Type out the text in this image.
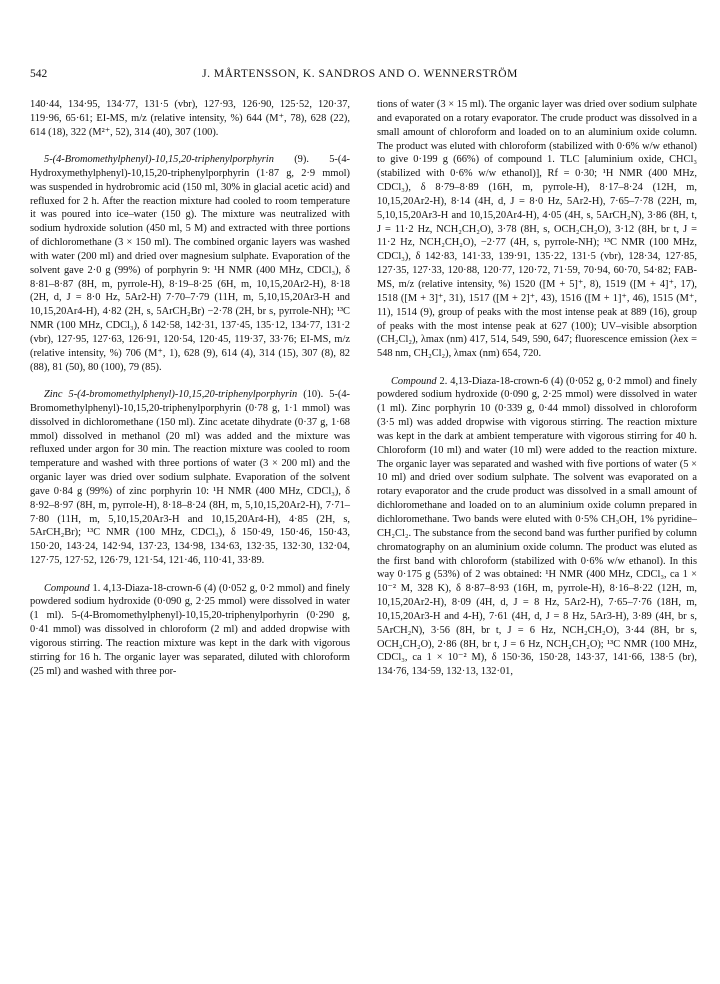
542	J. MÅRTENSSON, K. SANDROS AND O. WENNERSTRÖM

140·44, 134·95, 134·77, 131·5 (vbr), 127·93, 126·90, 125·52, 120·37, 119·96, 65·61; EI-MS, m/z (relative intensity, %) 644 (M⁺, 78), 628 (22), 614 (18), 322 (M²⁺, 52), 314 (40), 307 (100).

5-(4-Bromomethylphenyl)-10,15,20-triphenylporphyrin (9). 5-(4-Hydroxymethylphenyl)-10,15,20-triphenylporphyrin (1·87 g, 2·9 mmol) was suspended in hydrobromic acid (150 ml, 30% in glacial acetic acid) and refluxed for 2 h. After the reaction mixture had cooled to room temperature it was poured into ice–water (150 g). The mixture was neutralized with sodium hydroxide solution (450 ml, 5 M) and extracted with three portions of dichloromethane (3 × 150 ml). The combined organic layers was washed with water (200 ml) and dried over magnesium sulphate. Evaporation of the solvent gave 2·0 g (99%) of porphyrin 9: ¹H NMR (400 MHz, CDCl₃), δ 8·81–8·87 (8H, m, pyrrole-H), 8·19–8·25 (6H, m, 10,15,20Ar2-H), 8·18 (2H, d, J = 8·0 Hz, 5Ar2-H) 7·70–7·79 (11H, m, 5,10,15,20Ar3-H and 10,15,20Ar4-H), 4·82 (2H, s, 5ArCH₂Br) −2·78 (2H, br s, pyrrole-NH); ¹³C NMR (100 MHz, CDCl₃), δ 142·58, 142·31, 137·45, 135·12, 134·77, 131·2 (vbr), 127·95, 127·63, 126·91, 120·54, 120·45, 119·37, 33·76; EI-MS, m/z (relative intensity, %) 706 (M⁺, 1), 628 (9), 614 (4), 314 (15), 307 (8), 82 (88), 81 (50), 80 (100), 79 (85).

Zinc 5-(4-bromomethylphenyl)-10,15,20-triphenylporphyrin (10). 5-(4-Bromomethylphenyl)-10,15,20-triphenylporphyrin (0·78 g, 1·1 mmol) was dissolved in dichloromethane (150 ml). Zinc acetate dihydrate (0·37 g, 1·68 mmol) dissolved in methanol (20 ml) was added and the mixture was refluxed under argon for 30 min. The reaction mixture was cooled to room temperature and washed with three portions of water (3 × 200 ml) and the organic layer was dried over sodium sulphate. Evaporation of the solvent gave 0·84 g (99%) of zinc porphyrin 10: ¹H NMR (400 MHz, CDCl₃), δ 8·92–8·97 (8H, m, pyrrole-H), 8·18–8·24 (8H, m, 5,10,15,20Ar2-H), 7·71–7·80 (11H, m, 5,10,15,20Ar3-H and 10,15,20Ar4-H), 4·85 (2H, s, 5ArCH₂Br); ¹³C NMR (100 MHz, CDCl₃), δ 150·49, 150·46, 150·43, 150·20, 143·24, 142·94, 137·23, 134·98, 134·63, 132·35, 132·30, 132·04, 127·75, 127·52, 126·79, 121·54, 121·46, 110·41, 33·89.

Compound 1. 4,13-Diaza-18-crown-6 (4) (0·052 g, 0·2 mmol) and finely powdered sodium hydroxide (0·090 g, 2·25 mmol) were dissolved in water (1 ml). 5-(4-Bromomethylphenyl)-10,15,20-triphenylporhyrin (0·290 g, 0·41 mmol) was dissolved in chloroform (2 ml) and added dropwise with vigorous stirring. The reaction mixture was kept in the dark with vigorous stirring for 16 h. The organic layer was separated, diluted with chloroform (25 ml) and washed with three por-

tions of water (3 × 15 ml). The organic layer was dried over sodium sulphate and evaporated on a rotary evaporator. The crude product was dissolved in a small amount of chloroform and loaded on to an aluminium oxide column. The product was eluted with chloroform (stabilized with 0·6% w/w ethanol) to give 0·199 g (66%) of compound 1. TLC [aluminium oxide, CHCl₃ (stabilized with 0·6% w/w ethanol)], Rf = 0·30; ¹H NMR (400 MHz, CDCl₃), δ 8·79–8·89 (16H, m, pyrrole-H), 8·17–8·24 (12H, m, 10,15,20Ar2-H), 8·14 (4H, d, J = 8·0 Hz, 5Ar2-H), 7·65–7·78 (22H, m, 5,10,15,20Ar3-H and 10,15,20Ar4-H), 4·05 (4H, s, 5ArCH₂N), 3·86 (8H, t, J = 11·2 Hz, NCH₂CH₂O), 3·78 (8H, s, OCH₂CH₂O), 3·12 (8H, br t, J = 11·2 Hz, NCH₂CH₂O), −2·77 (4H, s, pyrrole-NH); ¹³C NMR (100 MHz, CDCl₃), δ 142·83, 141·33, 139·91, 135·22, 131·5 (vbr), 128·34, 127·85, 127·35, 127·33, 120·88, 120·77, 120·72, 71·59, 70·94, 60·70, 54·82; FAB-MS, m/z (relative intensity, %) 1520 ([M + 5]⁺, 8), 1519 ([M + 4]⁺, 17), 1518 ([M + 3]⁺, 31), 1517 ([M + 2]⁺, 43), 1516 ([M + 1]⁺, 46), 1515 (M⁺, 11), 1514 (9), group of peaks with the most intense peak at 889 (16), group of peaks with the most intense peak at 627 (100); UV–visible absorption (CH₂Cl₂), λmax (nm) 417, 514, 549, 590, 647; fluorescence emission (λex = 548 nm, CH₂Cl₂), λmax (nm) 654, 720.

Compound 2. 4,13-Diaza-18-crown-6 (4) (0·052 g, 0·2 mmol) and finely powdered sodium hydroxide (0·090 g, 2·25 mmol) were dissolved in water (1 ml). Zinc porphyrin 10 (0·339 g, 0·44 mmol) dissolved in chloroform (3·5 ml) was added dropwise with vigorous stirring. The reaction mixture was kept in the dark at ambient temperature with vigorous stirring for 40 h. Chloroform (10 ml) and water (10 ml) were added to the reaction mixture. The organic layer was separated and washed with five portions of water (5 × 10 ml) and dried over sodium sulphate. The solvent was evaporated on a rotary evaporator and the crude product was dissolved in a small amount of dichloromethane and loaded on to an aluminium oxide column prepared in dichloromethane. Two bands were eluted with 0·5% CH₃OH, 1% pyridine–CH₂Cl₂. The substance from the second band was further purified by column chromatography on an aluminium oxide column. The product was eluted as the first band with chloroform (stabilized with 0·6% w/w ethanol). In this way 0·175 g (53%) of 2 was obtained: ¹H NMR (400 MHz, CDCl₃, ca 1 × 10⁻² M, 328 K), δ 8·87–8·93 (16H, m, pyrrole-H), 8·16–8·22 (12H, m, 10,15,20Ar2-H), 8·09 (4H, d, J = 8 Hz, 5Ar2-H), 7·65–7·76 (18H, m, 10,15,20Ar3-H and 4-H), 7·61 (4H, d, J = 8 Hz, 5Ar3-H), 3·89 (4H, br s, 5ArCH₂N), 3·56 (8H, br t, J = 6 Hz, NCH₂CH₂O), 3·44 (8H, br s, OCH₂CH₂O), 2·86 (8H, br t, J = 6 Hz, NCH₂CH₂O); ¹³C NMR (100 MHz, CDCl₃, ca 1 × 10⁻² M), δ 150·36, 150·28, 143·37, 141·66, 138·5 (br), 134·76, 134·59, 132·13, 132·01,
